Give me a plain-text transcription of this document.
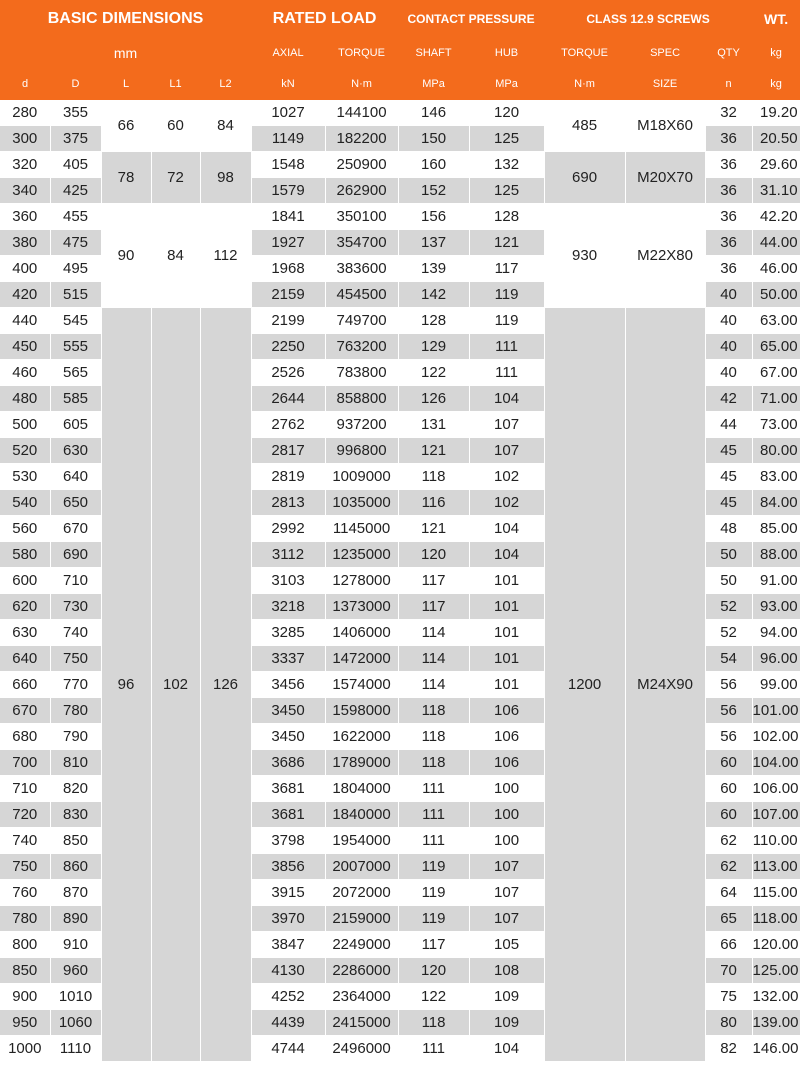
BASIC DIMENSIONS					RATED LOAD		CONTACT PRESSURE		CLASS 12.9 SCREWS			WT.
mm					AXIAL	TORQUE	SHAFT	HUB	TORQUE	SPEC	QTY	kg
d	D	L	L1	L2	kN	N·m	MPa	MPa	N·m	SIZE	n	kg
280	355	66	60	84	1027	144100	146	120	485	M18X60	32	19.20
300	375				1149	182200	150	125			36	20.50
320	405	78	72	98	1548	250900	160	132	690	M20X70	36	29.60
340	425				1579	262900	152	125			36	31.10
360	455	90	84	112	1841	350100	156	128	930	M22X80	36	42.20
380	475				1927	354700	137	121			36	44.00
400	495				1968	383600	139	117			36	46.00
420	515				2159	454500	142	119			40	50.00
440	545	96	102	126	2199	749700	128	119	1200	M24X90	40	63.00
450	555				2250	763200	129	111			40	65.00
460	565				2526	783800	122	111			40	67.00
480	585				2644	858800	126	104			42	71.00
500	605				2762	937200	131	107			44	73.00
520	630				2817	996800	121	107			45	80.00
530	640				2819	1009000	118	102			45	83.00
540	650				2813	1035000	116	102			45	84.00
560	670				2992	1145000	121	104			48	85.00
580	690				3112	1235000	120	104			50	88.00
600	710				3103	1278000	117	101			50	91.00
620	730				3218	1373000	117	101			52	93.00
630	740				3285	1406000	114	101			52	94.00
640	750				3337	1472000	114	101			54	96.00
660	770				3456	1574000	114	101			56	99.00
670	780				3450	1598000	118	106			56	101.00
680	790				3450	1622000	118	106			56	102.00
700	810				3686	1789000	118	106			60	104.00
710	820				3681	1804000	111	100			60	106.00
720	830				3681	1840000	111	100			60	107.00
740	850				3798	1954000	111	100			62	110.00
750	860				3856	2007000	119	107			62	113.00
760	870				3915	2072000	119	107			64	115.00
780	890				3970	2159000	119	107			65	118.00
800	910				3847	2249000	117	105			66	120.00
850	960				4130	2286000	120	108			70	125.00
900	1010				4252	2364000	122	109			75	132.00
950	1060				4439	2415000	118	109			80	139.00
1000	1110				4744	2496000	111	104			82	146.00
